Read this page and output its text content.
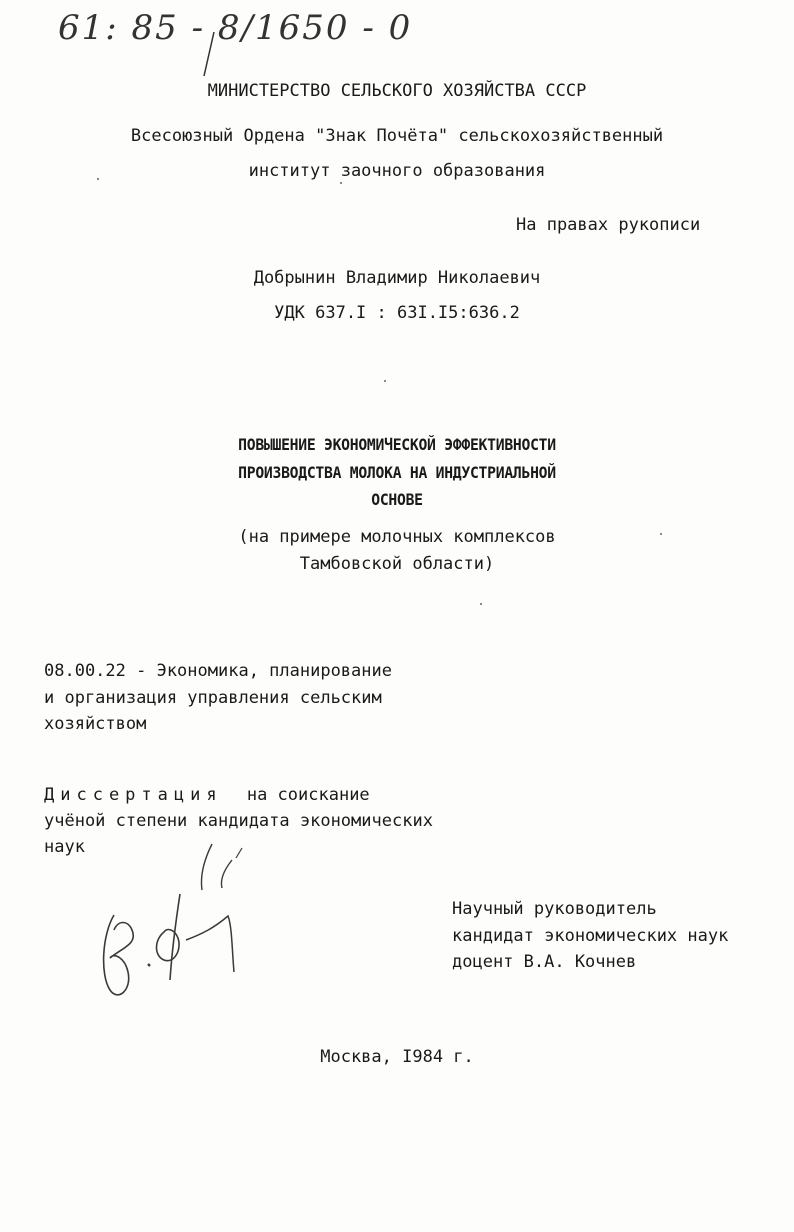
61: 85 - 8/1650 - 0
МИНИСТЕРСТВО СЕЛЬСКОГО ХОЗЯЙСТВА СССР
Всесоюзный Ордена "Знак Почёта" сельскохозяйственный
институт заочного образования
На правах рукописи
Добрынин Владимир Николаевич
УДК 637.I : 63I.I5:636.2
ПОВЫШЕНИЕ ЭКОНОМИЧЕСКОЙ ЭФФЕКТИВНОСТИ
ПРОИЗВОДСТВА МОЛОКА НА ИНДУСТРИАЛЬНОЙ
ОСНОВЕ
(на примере молочных комплексов
Тамбовской области)
08.00.22 - Экономика, планирование
и организация управления сельским
хозяйством
Диссертация на соискание
учёной степени кандидата экономических
наук
Научный руководитель
кандидат экономических наук
доцент В.А. Кочнев
Москва, I984 г.
